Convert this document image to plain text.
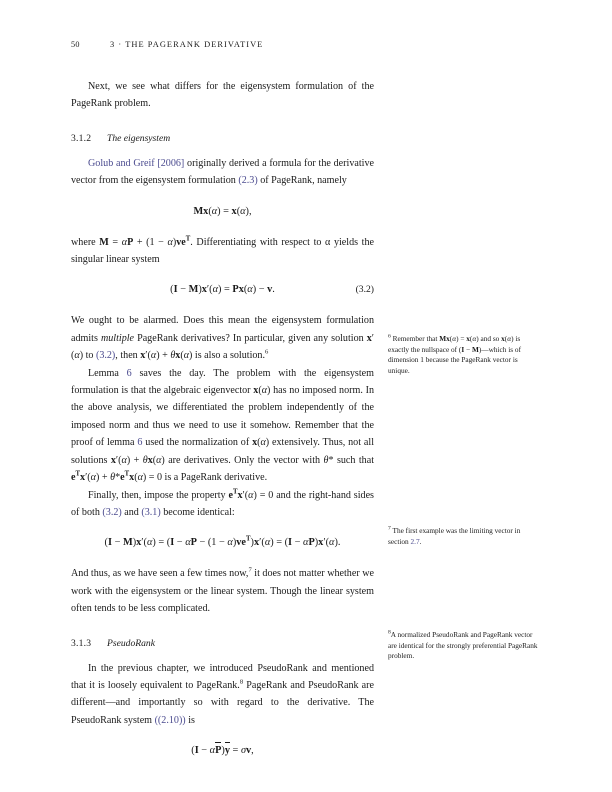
50	3 · THE PAGERANK DERIVATIVE

Next, we see what differs for the eigensystem formulation of the PageRank problem.

3.1.2 The eigensystem

Golub and Greif [2006] originally derived a formula for the derivative vector from the eigensystem formulation (2.3) of PageRank, namely

Mx(α) = x(α),

where $M = \alpha P + (1 - \alpha)ve^T$. Differentiating with respect to α yields the singular linear system

(I − M)x′(α) = Px(α) − v.	(3.2)

We ought to be alarmed. Does this mean the eigensystem formulation admits multiple PageRank derivatives? In particular, given any solution x′(α) to (3.2), then x′(α) + θx(α) is also a solution.$^6$

Lemma 6 saves the day. The problem with the eigensystem formulation is that the algebraic eigenvector x(α) has no imposed norm. In the above analysis, we differentiated the problem independently of the imposed norm and thus we need to use it somehow. Remember that the proof of lemma 6 used the normalization of x(α) extensively. Thus, not all solutions x′(α) + θx(α) are derivatives. Only the vector with θ* such that $e^Tx'(\alpha) + \theta*e^Tx(\alpha) = 0$ is a PageRank derivative.

Finally, then, impose the property $e^Tx'(\alpha) = 0$ and the right-hand sides of both (3.2) and (3.1) become identical:

$(I - M)x'(\alpha) = (I - \alpha P - (1 - \alpha)ve^T)x'(\alpha) = (I - \alpha P)x'(\alpha)$.

And thus, as we have seen a few times now,$^7$ it does not matter whether we work with the eigensystem or the linear system. Though the linear system often tends to be less complicated.

3.1.3 PseudoRank

In the previous chapter, we introduced PseudoRank and mentioned that it is loosely equivalent to PageRank.$^8$ PageRank and PseudoRank are different—and importantly so with regard to the derivative. The PseudoRank system ((2.10)) is

(I − αP)y = σv,
$^6$ Remember that Mx(α) = x(α) and so x(α) is exactly the nullspace of (I − M)—which is of dimension 1 because the PageRank vector is unique.
$^7$ The first example was the limiting vector in section 2.7.
$^8$A normalized PseudoRank and PageRank vector are identical for the strongly preferential PageRank problem.
